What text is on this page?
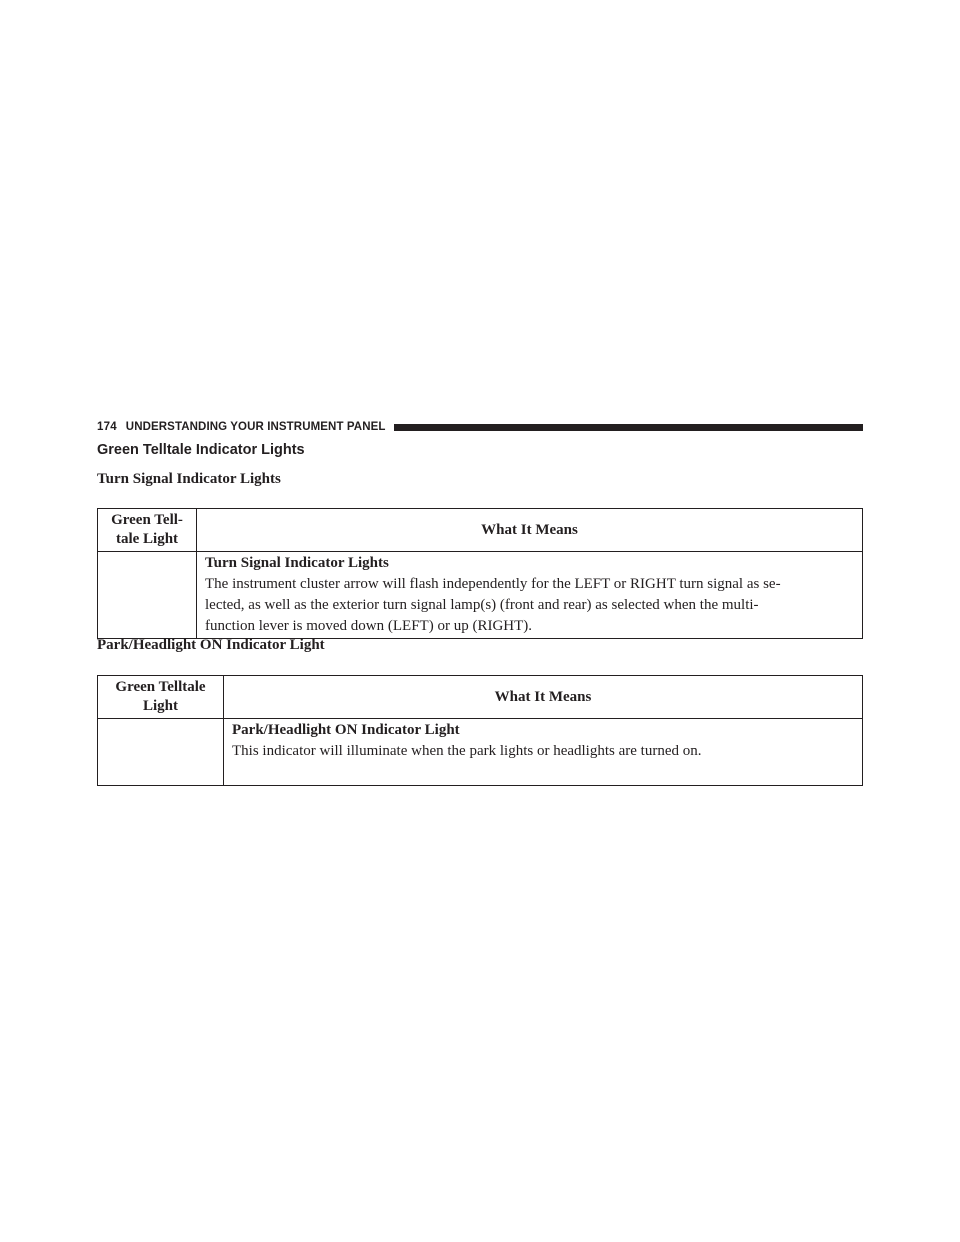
174 UNDERSTANDING YOUR INSTRUMENT PANEL
Green Telltale Indicator Lights
Turn Signal Indicator Lights
Green Tell-
tale Light	What It Means

	Turn Signal Indicator Lights
The instrument cluster arrow will flash independently for the LEFT or RIGHT turn signal as se-
lected, as well as the exterior turn signal lamp(s) (front and rear) as selected when the multi-
function lever is moved down (LEFT) or up (RIGHT).
Park/Headlight ON Indicator Light
Green Telltale
Light	What It Means

	Park/Headlight ON Indicator Light
This indicator will illuminate when the park lights or headlights are turned on.
